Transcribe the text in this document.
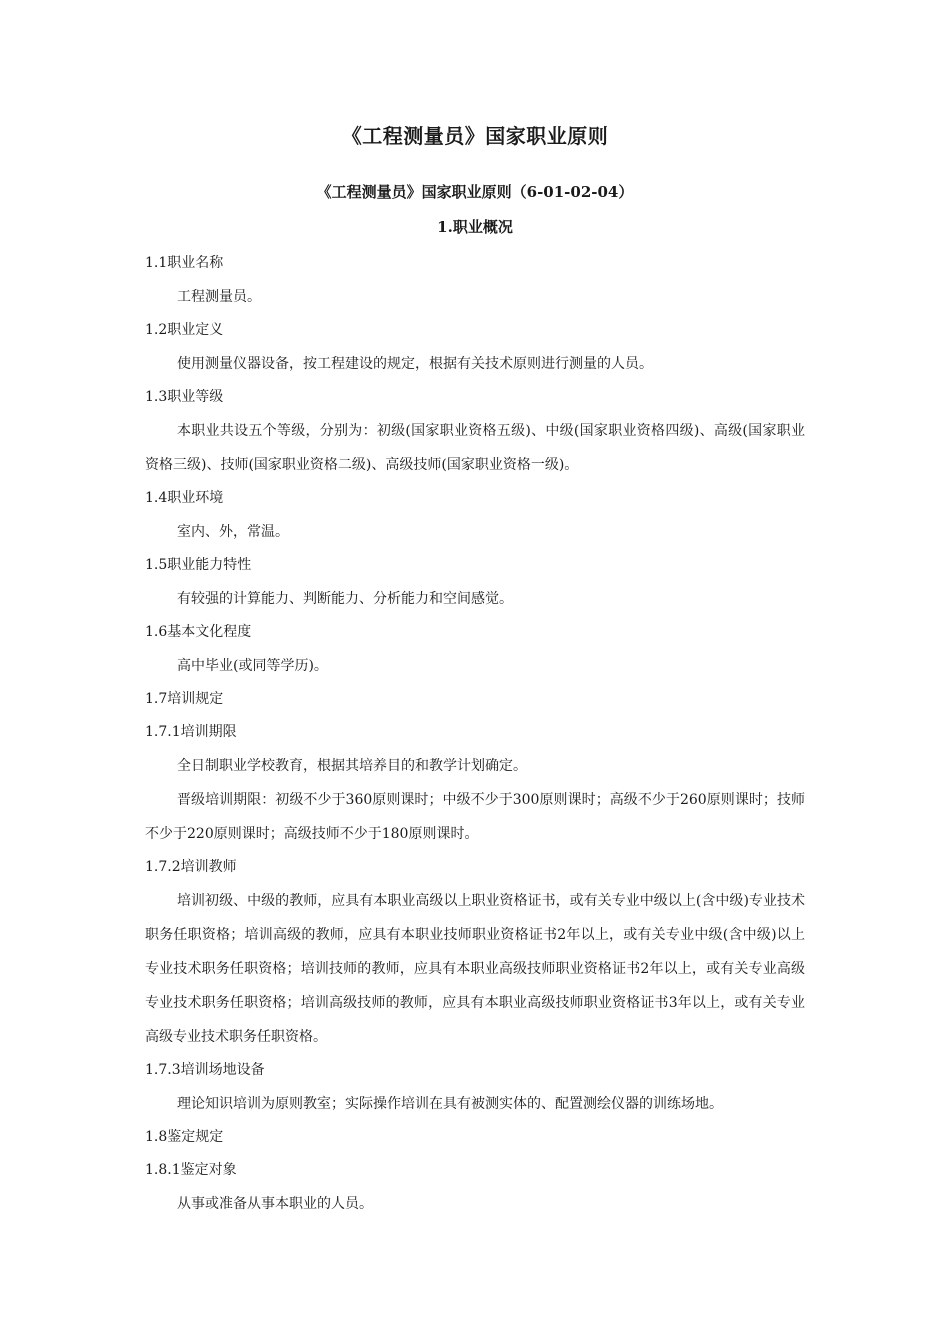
《工程测量员》国家职业原则
《工程测量员》国家职业原则（6-01-02-04）
1.职业概况
1.1职业名称
工程测量员。
1.2职业定义
使用测量仪器设备，按工程建设的规定，根据有关技术原则进行测量的人员。
1.3职业等级
本职业共设五个等级，分别为：初级(国家职业资格五级)、中级(国家职业资格四级)、高级(国家职业资格三级)、技师(国家职业资格二级)、高级技师(国家职业资格一级)。
1.4职业环境
室内、外，常温。
1.5职业能力特性
有较强的计算能力、判断能力、分析能力和空间感觉。
1.6基本文化程度
高中毕业(或同等学历)。
1.7培训规定
1.7.1培训期限
全日制职业学校教育，根据其培养目的和教学计划确定。
晋级培训期限：初级不少于360原则课时；中级不少于300原则课时；高级不少于260原则课时；技师不少于220原则课时；高级技师不少于180原则课时。
1.7.2培训教师
培训初级、中级的教师，应具有本职业高级以上职业资格证书，或有关专业中级以上(含中级)专业技术职务任职资格；培训高级的教师，应具有本职业技师职业资格证书2年以上，或有关专业中级(含中级)以上专业技术职务任职资格；培训技师的教师，应具有本职业高级技师职业资格证书2年以上，或有关专业高级专业技术职务任职资格；培训高级技师的教师，应具有本职业高级技师职业资格证书3年以上，或有关专业高级专业技术职务任职资格。
1.7.3培训场地设备
理论知识培训为原则教室；实际操作培训在具有被测实体的、配置测绘仪器的训练场地。
1.8鉴定规定
1.8.1鉴定对象
从事或准备从事本职业的人员。
